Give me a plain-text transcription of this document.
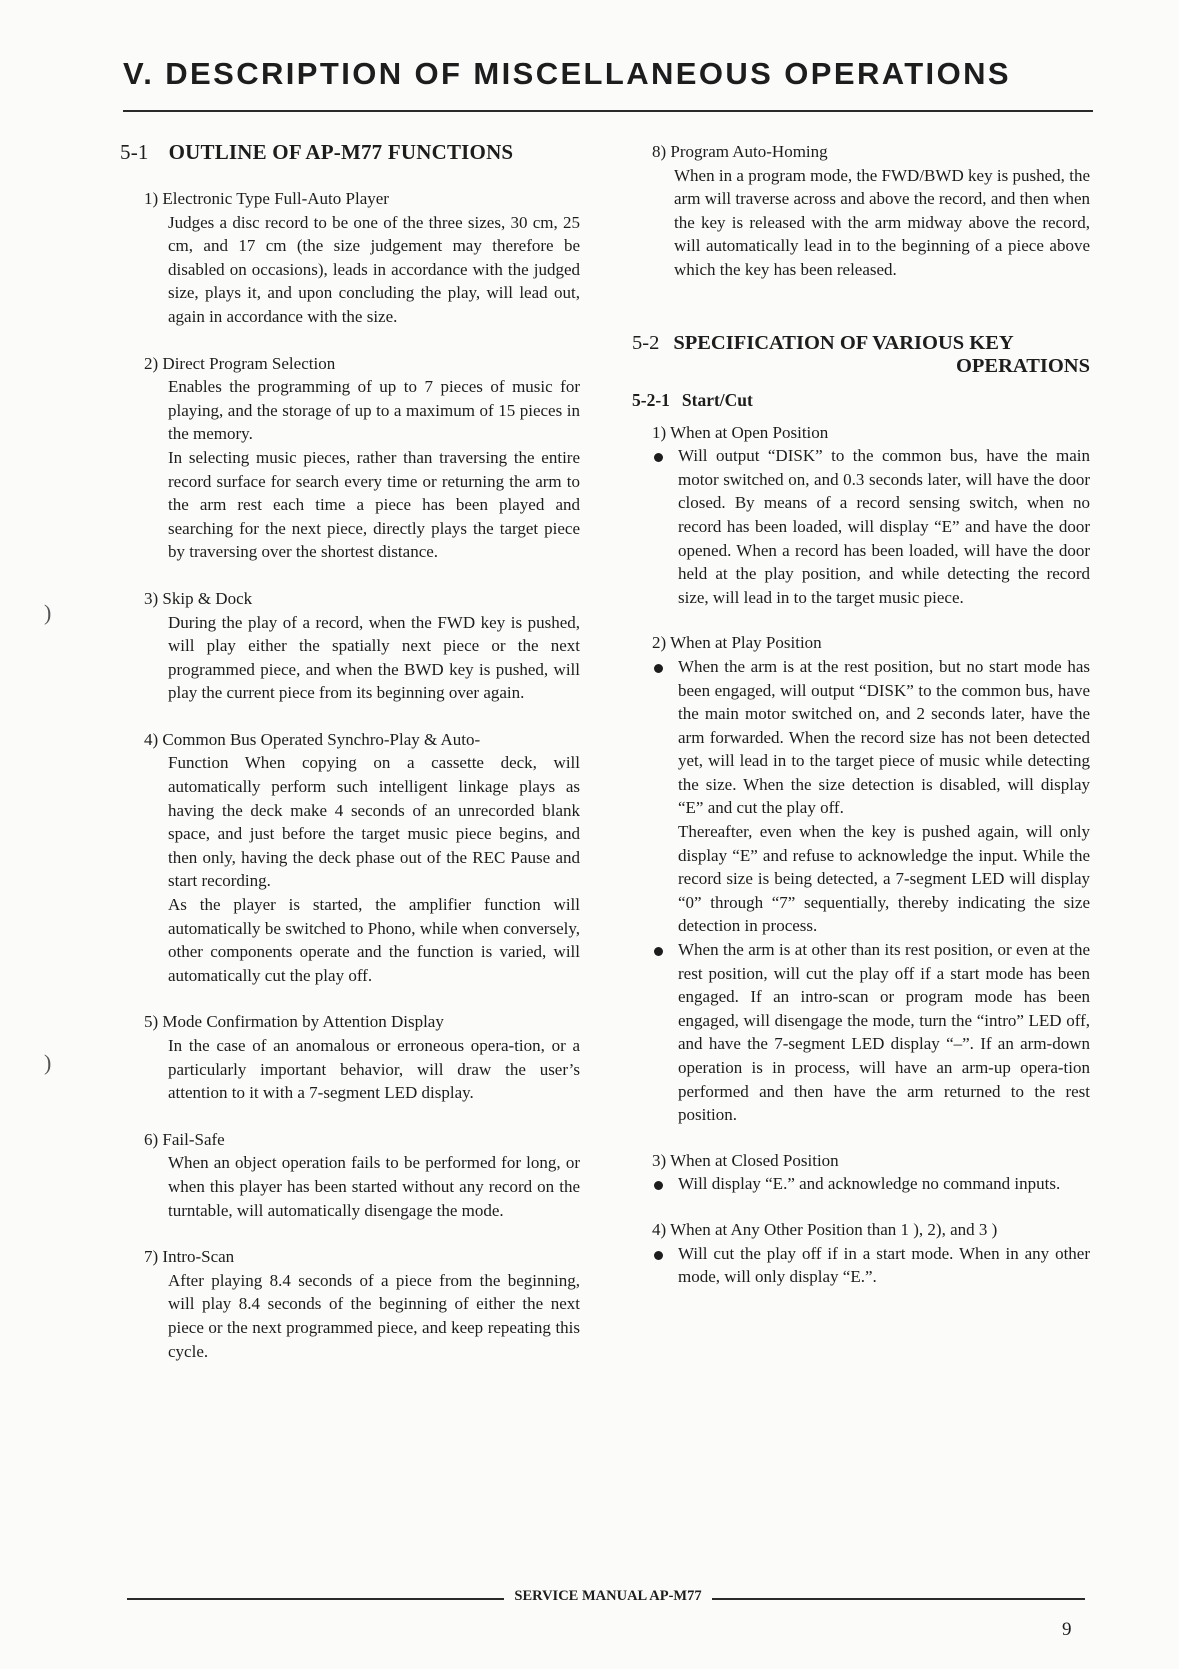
V. DESCRIPTION OF MISCELLANEOUS OPERATIONS
5-1 OUTLINE OF AP-M77 FUNCTIONS
1) Electronic Type Full-Auto Player

Judges a disc record to be one of the three sizes, 30 cm, 25 cm, and 17 cm (the size judgement may therefore be disabled on occasions), leads in accordance with the judged size, plays it, and upon concluding the play, will lead out, again in accordance with the size.

2) Direct Program Selection

Enables the programming of up to 7 pieces of music for playing, and the storage of up to a maximum of 15 pieces in the memory.

In selecting music pieces, rather than traversing the entire record surface for search every time or returning the arm to the arm rest each time a piece has been played and searching for the next piece, directly plays the target piece by traversing over the shortest distance.

3) Skip & Dock

During the play of a record, when the FWD key is pushed, will play either the spatially next piece or the next programmed piece, and when the BWD key is pushed, will play the current piece from its beginning over again.

4) Common Bus Operated Synchro-Play & Auto-

Function When copying on a cassette deck, will automatically perform such intelligent linkage plays as having the deck make 4 seconds of an unrecorded blank space, and just before the target music piece begins, and then only, having the deck phase out of the REC Pause and start recording.

As the player is started, the amplifier function will automatically be switched to Phono, while when conversely, other components operate and the function is varied, will automatically cut the play off.

5) Mode Confirmation by Attention Display

In the case of an anomalous or erroneous opera-tion, or a particularly important behavior, will draw the user’s attention to it with a 7-segment LED display.

6) Fail-Safe

When an object operation fails to be performed for long, or when this player has been started without any record on the turntable, will automatically disengage the mode.

7) Intro-Scan

After playing 8.4 seconds of a piece from the beginning, will play 8.4 seconds of the beginning of either the next piece or the next programmed piece, and keep repeating this cycle.

8) Program Auto-Homing

When in a program mode, the FWD/BWD key is pushed, the arm will traverse across and above the record, and then when the key is released with the arm midway above the record, will automatically lead in to the beginning of a piece above which the key has been released.

5-2 SPECIFICATION OF VARIOUS KEY
OPERATIONS
5-2-1 Start/Cut
1) When at Open Position

Will output “DISK” to the common bus, have the main motor switched on, and 0.3 seconds later, will have the door closed. By means of a record sensing switch, when no record has been loaded, will display “E” and have the door opened. When a record has been loaded, will have the door held at the play position, and while detecting the record size, will lead in to the target music piece.

2) When at Play Position

When the arm is at the rest position, but no start mode has been engaged, will output “DISK” to the common bus, have the main motor switched on, and 2 seconds later, have the arm forwarded. When the record size has not been detected yet, will lead in to the target piece of music while detecting the size. When the size detection is disabled, will display “E” and cut the play off.

Thereafter, even when the key is pushed again, will only display “E” and refuse to acknowledge the input. While the record size is being detected, a 7-segment LED will display “0” through “7” sequentially, thereby indicating the size detection in process.

When the arm is at other than its rest position, or even at the rest position, will cut the play off if a start mode has been engaged. If an intro-scan or program mode has been engaged, will disengage the mode, turn the “intro” LED off, and have the 7-segment LED display “–”. If an arm-down operation is in process, will have an arm-up opera-tion performed and then have the arm returned to the rest position.

3) When at Closed Position

Will display “E.” and acknowledge no command inputs.

4) When at Any Other Position than 1 ), 2), and 3 )

Will cut the play off if in a start mode. When in any other mode, will only display “E.”.

)
)
SERVICE MANUAL AP-M77
9
